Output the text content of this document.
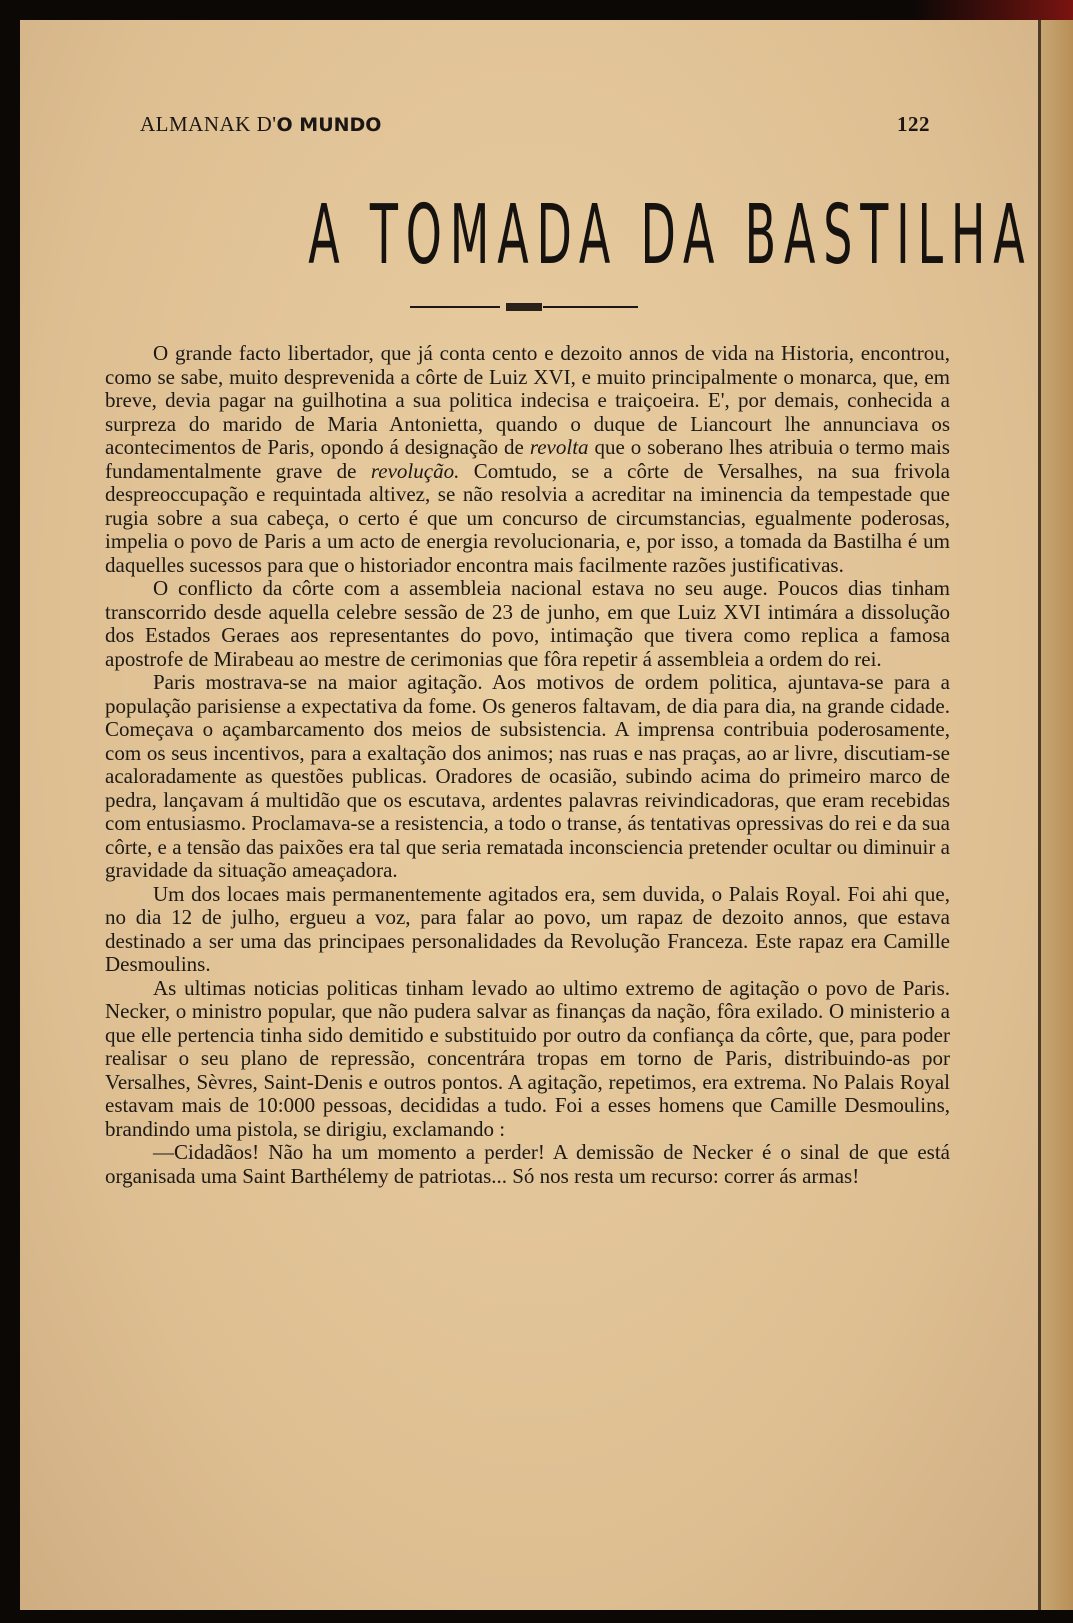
ALMANAK D'O MUNDO	122
A TOMADA DA BASTILHA

O grande facto libertador, que já conta cento e dezoito annos de vida na Historia, encontrou, como se sabe, muito desprevenida a côrte de Luiz XVI, e muito principalmente o monarca, que, em breve, devia pagar na guilhotina a sua politica indecisa e traiçoeira. E', por demais, conhecida a surpreza do marido de Maria Antonietta, quando o duque de Liancourt lhe annunciava os acontecimentos de Paris, opondo á designação de revolta que o soberano lhes atribuia o termo mais fundamentalmente grave de revolução. Comtudo, se a côrte de Versalhes, na sua frivola despreoccupação e requintada altivez, se não resolvia a acreditar na iminencia da tempestade que rugia sobre a sua cabeça, o certo é que um concurso de circumstancias, egualmente poderosas, impelia o povo de Paris a um acto de energia revolucionaria, e, por isso, a tomada da Bastilha é um daquelles sucessos para que o historiador encontra mais facilmente razões justificativas.

O conflicto da côrte com a assembleia nacional estava no seu auge. Poucos dias tinham transcorrido desde aquella celebre sessão de 23 de junho, em que Luiz XVI intimára a dissolução dos Estados Geraes aos representantes do povo, intimação que tivera como replica a famosa apostrofe de Mirabeau ao mestre de cerimonias que fôra repetir á assembleia a ordem do rei.

Paris mostrava-se na maior agitação. Aos motivos de ordem politica, ajuntava-se para a população parisiense a expectativa da fome. Os generos faltavam, de dia para dia, na grande cidade. Começava o açambarcamento dos meios de subsistencia. A imprensa contribuia poderosamente, com os seus incentivos, para a exaltação dos animos; nas ruas e nas praças, ao ar livre, discutiam-se acaloradamente as questões publicas. Oradores de ocasião, subindo acima do primeiro marco de pedra, lançavam á multidão que os escutava, ardentes palavras reivindicadoras, que eram recebidas com entusiasmo. Proclamava-se a resistencia, a todo o transe, ás tentativas opressivas do rei e da sua côrte, e a tensão das paixões era tal que seria rematada inconsciencia pretender ocultar ou diminuir a gravidade da situação ameaçadora.

Um dos locaes mais permanentemente agitados era, sem duvida, o Palais Royal. Foi ahi que, no dia 12 de julho, ergueu a voz, para falar ao povo, um rapaz de dezoito annos, que estava destinado a ser uma das principaes personalidades da Revolução Franceza. Este rapaz era Camille Desmoulins.

As ultimas noticias politicas tinham levado ao ultimo extremo de agitação o povo de Paris. Necker, o ministro popular, que não pudera salvar as finanças da nação, fôra exilado. O ministerio a que elle pertencia tinha sido demitido e substituido por outro da confiança da côrte, que, para poder realisar o seu plano de repressão, concentrára tropas em torno de Paris, distribuindo-as por Versalhes, Sèvres, Saint-Denis e outros pontos. A agitação, repetimos, era extrema. No Palais Royal estavam mais de 10:000 pessoas, decididas a tudo. Foi a esses homens que Camille Desmoulins, brandindo uma pistola, se dirigiu, exclamando :

—Cidadãos! Não ha um momento a perder! A demissão de Necker é o sinal de que está organisada uma Saint Barthélemy de patriotas... Só nos resta um recurso: correr ás armas!
